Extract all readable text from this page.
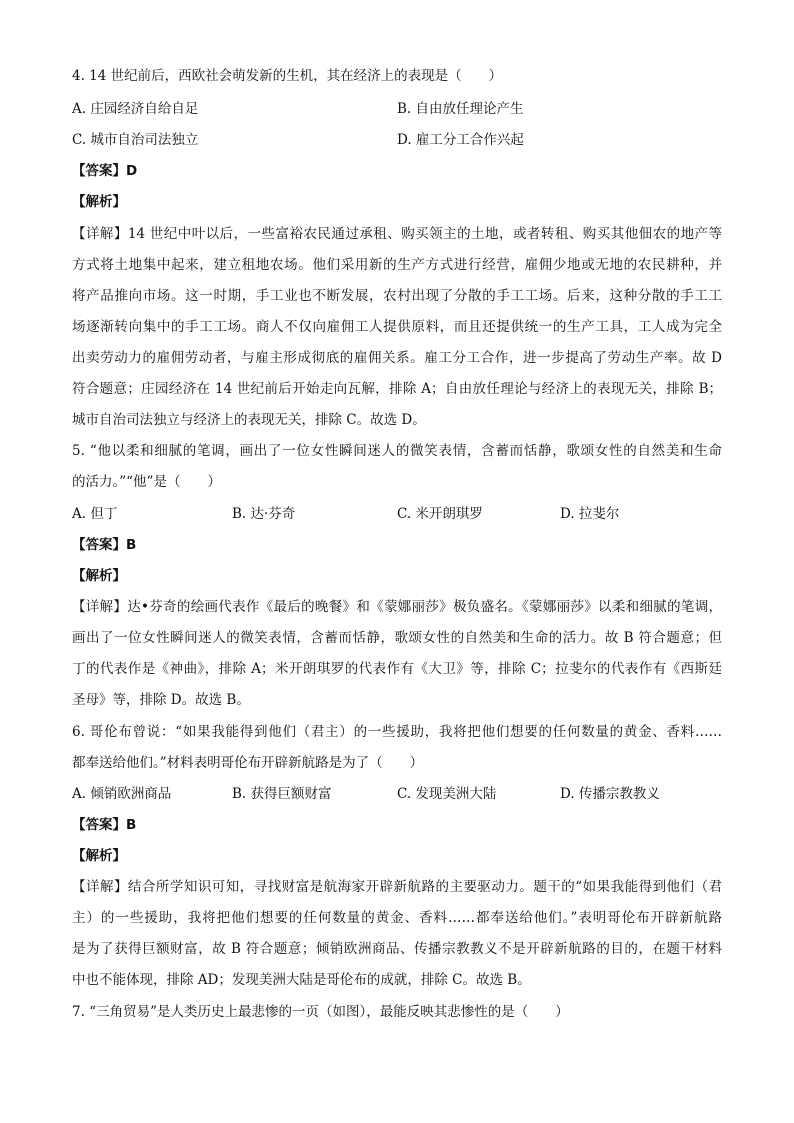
4. 14 世纪前后，西欧社会萌发新的生机，其在经济上的表现是（　　）
A. 庄园经济自给自足	B. 自由放任理论产生
C. 城市自治司法独立	D. 雇工分工合作兴起
【答案】D
【解析】
【详解】14 世纪中叶以后，一些富裕农民通过承租、购买领主的土地，或者转租、购买其他佃农的地产等
方式将土地集中起来，建立租地农场。他们采用新的生产方式进行经营，雇佣少地或无地的农民耕种，并
将产品推向市场。这一时期，手工业也不断发展，农村出现了分散的手工工场。后来，这种分散的手工工
场逐渐转向集中的手工工场。商人不仅向雇佣工人提供原料，而且还提供统一的生产工具，工人成为完全
出卖劳动力的雇佣劳动者，与雇主形成彻底的雇佣关系。雇工分工合作，进一步提高了劳动生产率。故 D
符合题意；庄园经济在 14 世纪前后开始走向瓦解，排除 A；自由放任理论与经济上的表现无关，排除 B；
城市自治司法独立与经济上的表现无关，排除 C。故选 D。
5. “他以柔和细腻的笔调，画出了一位女性瞬间迷人的微笑表情，含蓄而恬静，歌颂女性的自然美和生命
的活力。”“他”是（　　）
A. 但丁	B. 达·芬奇	C. 米开朗琪罗	D. 拉斐尔
【答案】B
【解析】
【详解】达•芬奇的绘画代表作《最后的晚餐》和《蒙娜丽莎》极负盛名。《蒙娜丽莎》以柔和细腻的笔调，
画出了一位女性瞬间迷人的微笑表情，含蓄而恬静，歌颂女性的自然美和生命的活力。故 B 符合题意；但
丁的代表作是《神曲》，排除 A；米开朗琪罗的代表作有《大卫》等，排除 C；拉斐尔的代表作有《西斯廷
圣母》等，排除 D。故选 B。
6. 哥伦布曾说：“如果我能得到他们（君主）的一些援助，我将把他们想要的任何数量的黄金、香料……
都奉送给他们。”材料表明哥伦布开辟新航路是为了（　　）
A. 倾销欧洲商品	B. 获得巨额财富	C. 发现美洲大陆	D. 传播宗教教义
【答案】B
【解析】
【详解】结合所学知识可知，寻找财富是航海家开辟新航路的主要驱动力。题干的“如果我能得到他们（君
主）的一些援助，我将把他们想要的任何数量的黄金、香料……都奉送给他们。”表明哥伦布开辟新航路
是为了获得巨额财富，故 B 符合题意；倾销欧洲商品、传播宗教教义不是开辟新航路的目的，在题干材料
中也不能体现，排除 AD；发现美洲大陆是哥伦布的成就，排除 C。故选 B。
7. “三角贸易”是人类历史上最悲惨的一页（如图），最能反映其悲惨性的是（　　）
